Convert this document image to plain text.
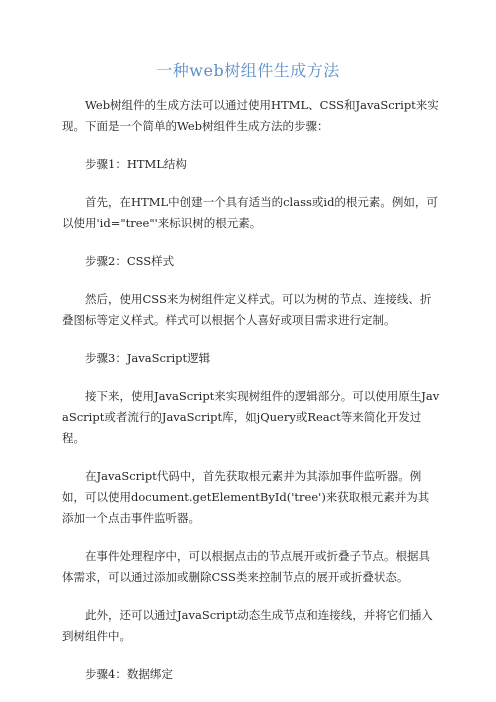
一种web树组件生成方法

Web树组件的生成方法可以通过使用HTML、CSS和JavaScript来实现。下面是一个简单的Web树组件生成方法的步骤：

步骤1：HTML结构

首先，在HTML中创建一个具有适当的class或id的根元素。例如，可以使用'id="tree"'来标识树的根元素。

步骤2：CSS样式

然后，使用CSS来为树组件定义样式。可以为树的节点、连接线、折叠图标等定义样式。样式可以根据个人喜好或项目需求进行定制。

步骤3：JavaScript逻辑

接下来，使用JavaScript来实现树组件的逻辑部分。可以使用原生JavaScript或者流行的JavaScript库，如jQuery或React等来简化开发过程。

在JavaScript代码中，首先获取根元素并为其添加事件监听器。例如，可以使用document.getElementById('tree')来获取根元素并为其添加一个点击事件监听器。

在事件处理程序中，可以根据点击的节点展开或折叠子节点。根据具体需求，可以通过添加或删除CSS类来控制节点的展开或折叠状态。

此外，还可以通过JavaScript动态生成节点和连接线，并将它们插入到树组件中。

步骤4：数据绑定
